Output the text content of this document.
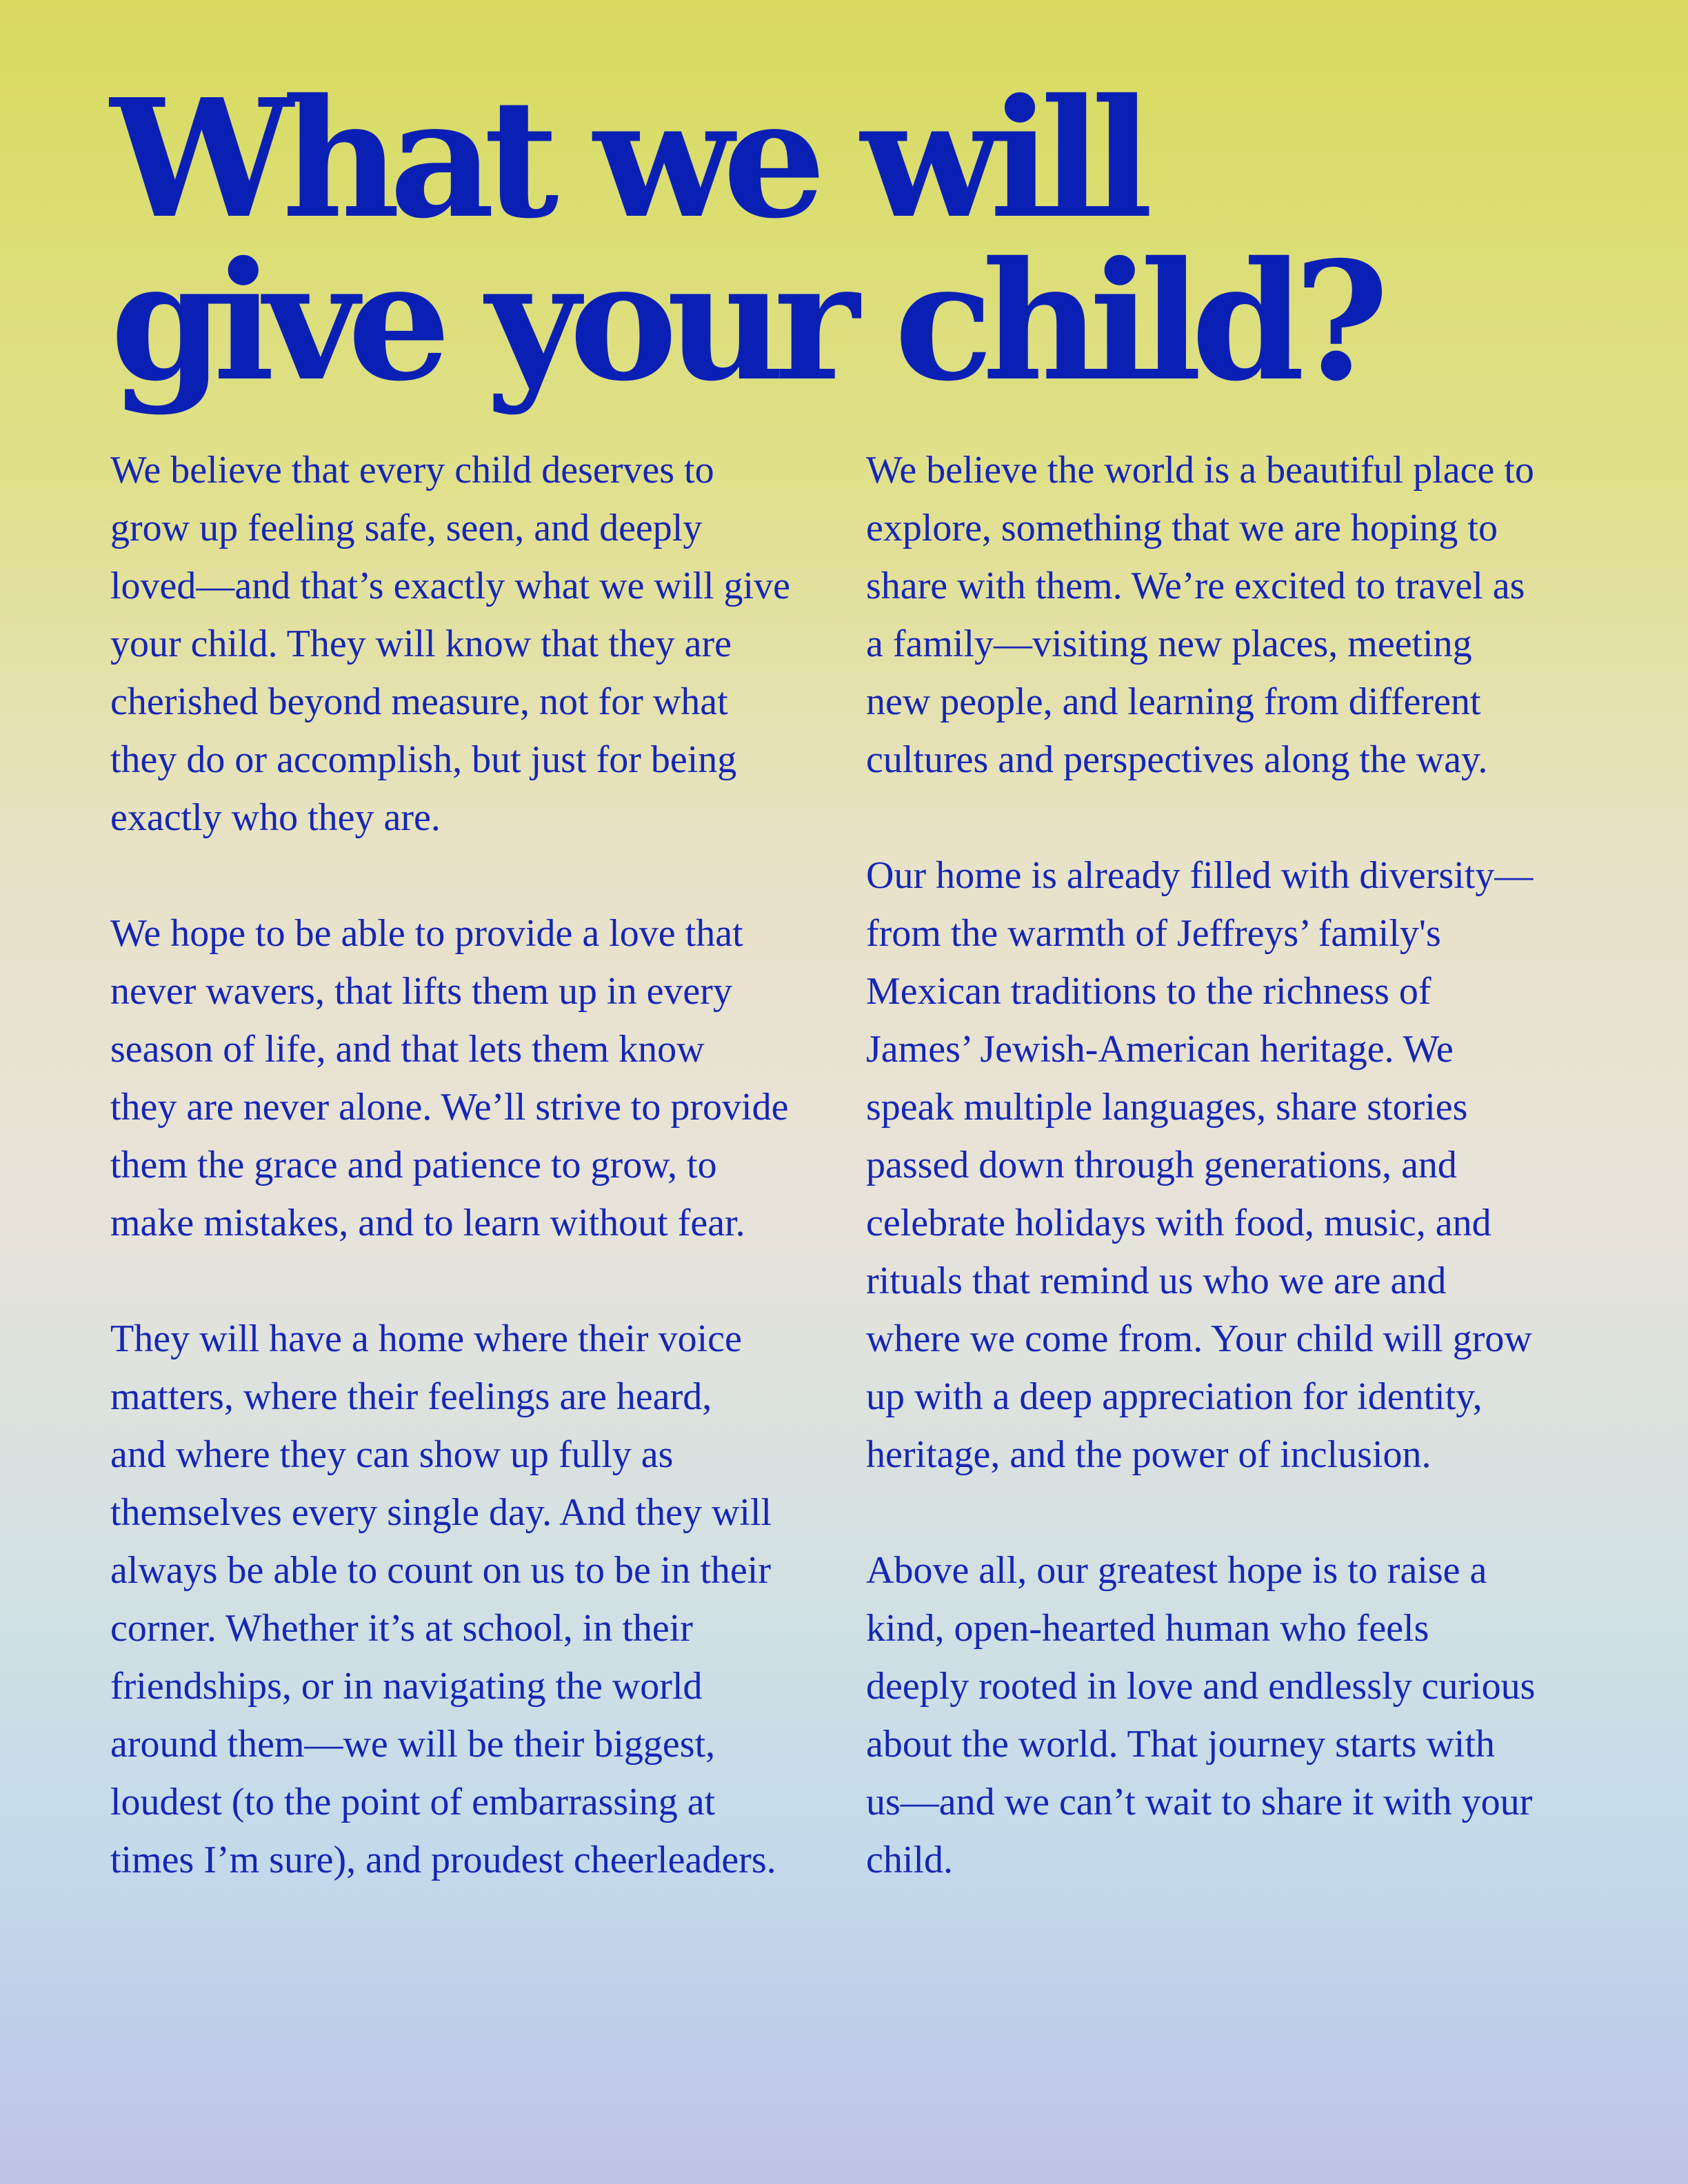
What we will
give your child?

We believe that every child deserves to
grow up feeling safe, seen, and deeply
loved—and that’s exactly what we will give
your child. They will know that they are
cherished beyond measure, not for what
they do or accomplish, but just for being
exactly who they are.

We hope to be able to provide a love that
never wavers, that lifts them up in every
season of life, and that lets them know
they are never alone. We’ll strive to provide
them the grace and patience to grow, to
make mistakes, and to learn without fear.

They will have a home where their voice
matters, where their feelings are heard,
and where they can show up fully as
themselves every single day. And they will
always be able to count on us to be in their
corner. Whether it’s at school, in their
friendships, or in navigating the world
around them—we will be their biggest,
loudest (to the point of embarrassing at
times I’m sure), and proudest cheerleaders.

We believe the world is a beautiful place to
explore, something that we are hoping to
share with them. We’re excited to travel as
a family—visiting new places, meeting
new people, and learning from different
cultures and perspectives along the way.

Our home is already filled with diversity—
from the warmth of Jeffreys’ family's
Mexican traditions to the richness of
James’ Jewish-American heritage. We
speak multiple languages, share stories
passed down through generations, and
celebrate holidays with food, music, and
rituals that remind us who we are and
where we come from. Your child will grow
up with a deep appreciation for identity,
heritage, and the power of inclusion.

Above all, our greatest hope is to raise a
kind, open-hearted human who feels
deeply rooted in love and endlessly curious
about the world. That journey starts with
us—and we can’t wait to share it with your
child.
